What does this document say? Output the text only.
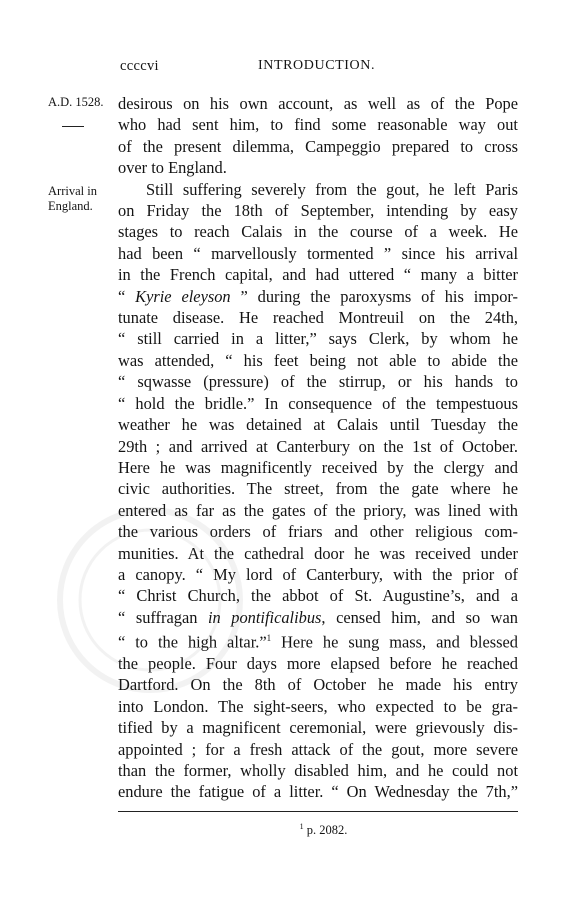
ccccvi	INTRODUCTION.
A.D. 1528.
Arrival in
England.
desirous on his own account, as well as of the Pope
who had sent him, to find some reasonable way out
of the present dilemma, Campeggio prepared to cross
over to England.
Still suffering severely from the gout, he left Paris
on Friday the 18th of September, intending by easy
stages to reach Calais in the course of a week. He
had been “ marvellously tormented ” since his arrival
in the French capital, and had uttered “ many a bitter
“ Kyrie eleyson ” during the paroxysms of his impor-
tunate disease. He reached Montreuil on the 24th,
“ still carried in a litter,” says Clerk, by whom he
was attended, “ his feet being not able to abide the
“ sqwasse (pressure) of the stirrup, or his hands to
“ hold the bridle.” In consequence of the tempestuous
weather he was detained at Calais until Tuesday the
29th ; and arrived at Canterbury on the 1st of October.
Here he was magnificently received by the clergy and
civic authorities. The street, from the gate where he
entered as far as the gates of the priory, was lined with
the various orders of friars and other religious com-
munities. At the cathedral door he was received under
a canopy. “ My lord of Canterbury, with the prior of
“ Christ Church, the abbot of St. Augustine’s, and a
“ suffragan in pontificalibus, censed him, and so wan
“ to the high altar.”$^1$ Here he sung mass, and blessed
the people. Four days more elapsed before he reached
Dartford. On the 8th of October he made his entry
into London. The sight-seers, who expected to be gra-
tified by a magnificent ceremonial, were grievously dis-
appointed ; for a fresh attack of the gout, more severe
than the former, wholly disabled him, and he could not
endure the fatigue of a litter. “ On Wednesday the 7th,”
$^1$ p. 2082.
